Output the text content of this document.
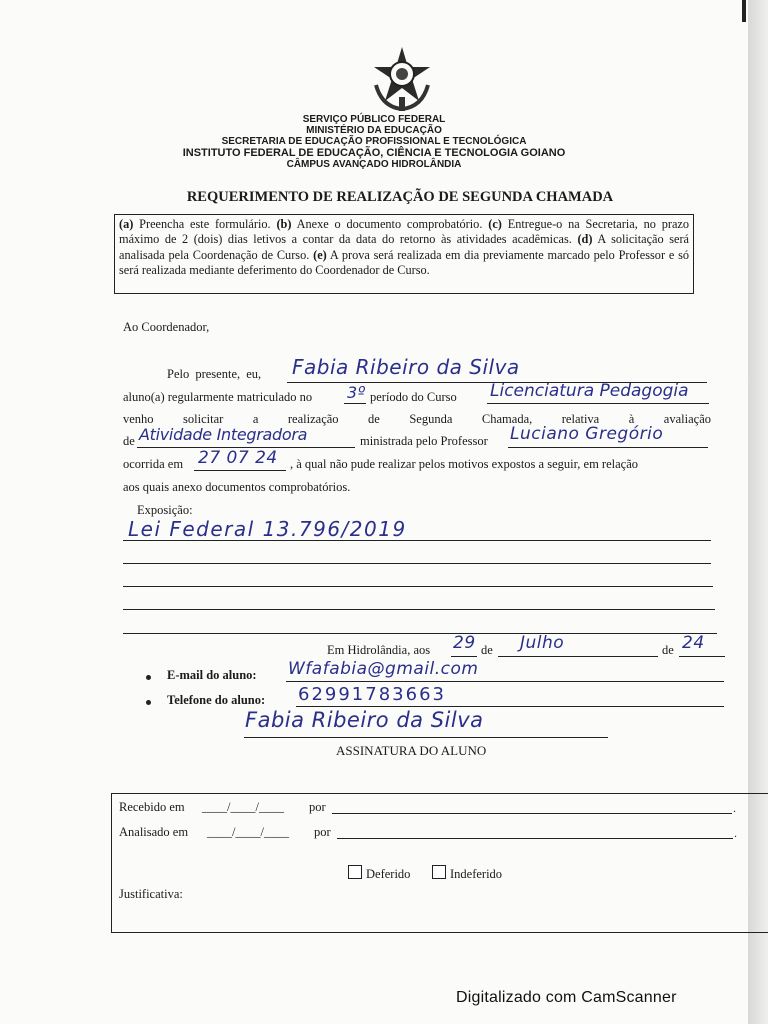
SERVIÇO PÚBLICO FEDERAL
MINISTÉRIO DA EDUCAÇÃO
SECRETARIA DE EDUCAÇÃO PROFISSIONAL E TECNOLÓGICA
INSTITUTO FEDERAL DE EDUCAÇÃO, CIÊNCIA E TECNOLOGIA GOIANO
CÂMPUS AVANÇADO HIDROLÂNDIA
REQUERIMENTO DE REALIZAÇÃO DE SEGUNDA CHAMADA
(a) Preencha este formulário. (b) Anexe o documento comprobatório. (c) Entregue-o na Secretaria, no prazo máximo de 2 (dois) dias letivos a contar da data do retorno às atividades acadêmicas. (d) A solicitação será analisada pela Coordenação de Curso. (e) A prova será realizada em dia previamente marcado pelo Professor e só será realizada mediante deferimento do Coordenador de Curso.
Ao Coordenador,
Pelo presente, eu, Fabia Ribeiro da Silva
aluno(a) regularmente matriculado no 3º período do Curso Licenciatura Pedagogia
venho solicitar a realização de Segunda Chamada, relativa à avaliação
de Atividade Integradora	ministrada pelo Professor Luciano Gregório
ocorrida em 27 07 24 , à qual não pude realizar pelos motivos expostos a seguir, em relação
aos quais anexo documentos comprobatórios.
Exposição:
Lei Federal 13.796/2019
Em Hidrolândia, aos 29 de Julho	de 24
E-mail do aluno: Wfafabia@gmail.com
Telefone do aluno: 62991783663
Fabia Ribeiro da Silva
ASSINATURA DO ALUNO
Recebido em ____/____/____ por	.
Analisado em ____/____/____ por	.
Deferido	Indeferido
Justificativa:
Digitalizado com CamScanner
